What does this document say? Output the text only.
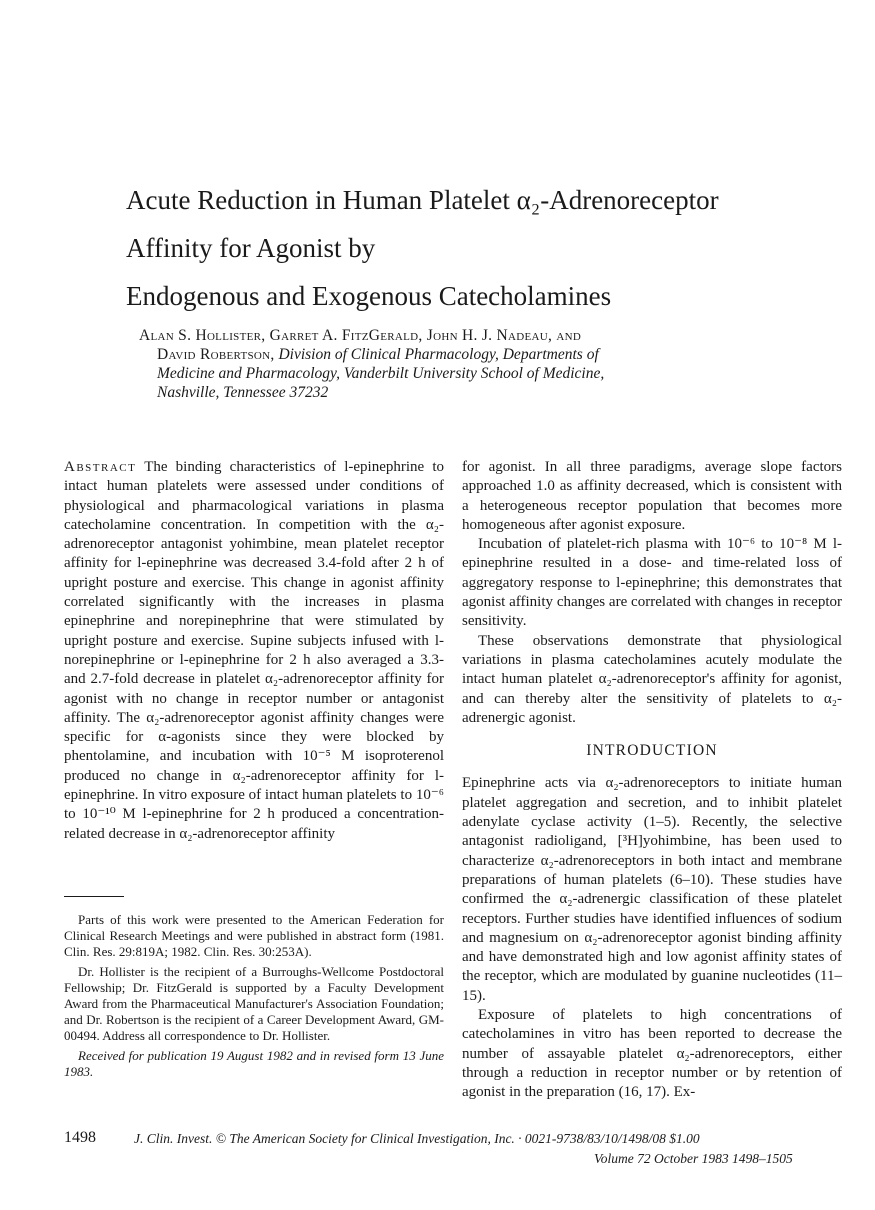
Acute Reduction in Human Platelet α₂-Adrenoreceptor
Affinity for Agonist by
Endogenous and Exogenous Catecholamines
Alan S. Hollister, Garret A. FitzGerald, John H. J. Nadeau, and
David Robertson, Division of Clinical Pharmacology, Departments of
Medicine and Pharmacology, Vanderbilt University School of Medicine,
Nashville, Tennessee 37232

Abstract The binding characteristics of l-epinephrine to intact human platelets were assessed under conditions of physiological and pharmacological variations in plasma catecholamine concentration. In competition with the α₂-adrenoreceptor antagonist yohimbine, mean platelet receptor affinity for l-epinephrine was decreased 3.4-fold after 2 h of upright posture and exercise. This change in agonist affinity correlated significantly with the increases in plasma epinephrine and norepinephrine that were stimulated by upright posture and exercise. Supine subjects infused with l-norepinephrine or l-epinephrine for 2 h also averaged a 3.3- and 2.7-fold decrease in platelet α₂-adrenoreceptor affinity for agonist with no change in receptor number or antagonist affinity. The α₂-adrenoreceptor agonist affinity changes were specific for α-agonists since they were blocked by phentolamine, and incubation with 10⁻⁵ M isoproterenol produced no change in α₂-adrenoreceptor affinity for l-epinephrine. In vitro exposure of intact human platelets to 10⁻⁶ to 10⁻¹⁰ M l-epinephrine for 2 h produced a concentration-related decrease in α₂-adrenoreceptor affinity

Parts of this work were presented to the American Federation for Clinical Research Meetings and were published in abstract form (1981. Clin. Res. 29:819A; 1982. Clin. Res. 30:253A).

Dr. Hollister is the recipient of a Burroughs-Wellcome Postdoctoral Fellowship; Dr. FitzGerald is supported by a Faculty Development Award from the Pharmaceutical Manufacturer's Association Foundation; and Dr. Robertson is the recipient of a Career Development Award, GM-00494. Address all correspondence to Dr. Hollister.

Received for publication 19 August 1982 and in revised form 13 June 1983.

for agonist. In all three paradigms, average slope factors approached 1.0 as affinity decreased, which is consistent with a heterogeneous receptor population that becomes more homogeneous after agonist exposure.

Incubation of platelet-rich plasma with 10⁻⁶ to 10⁻⁸ M l-epinephrine resulted in a dose- and time-related loss of aggregatory response to l-epinephrine; this demonstrates that agonist affinity changes are correlated with changes in receptor sensitivity.

These observations demonstrate that physiological variations in plasma catecholamines acutely modulate the intact human platelet α₂-adrenoreceptor's affinity for agonist, and can thereby alter the sensitivity of platelets to α₂-adrenergic agonist.

INTRODUCTION

Epinephrine acts via α₂-adrenoreceptors to initiate human platelet aggregation and secretion, and to inhibit platelet adenylate cyclase activity (1–5). Recently, the selective antagonist radioligand, [³H]yohimbine, has been used to characterize α₂-adrenoreceptors in both intact and membrane preparations of human platelets (6–10). These studies have confirmed the α₂-adrenergic classification of these platelet receptors. Further studies have identified influences of sodium and magnesium on α₂-adrenoreceptor agonist binding affinity and have demonstrated high and low agonist affinity states of the receptor, which are modulated by guanine nucleotides (11–15).

Exposure of platelets to high concentrations of catecholamines in vitro has been reported to decrease the number of assayable platelet α₂-adrenoreceptors, either through a reduction in receptor number or by retention of agonist in the preparation (16, 17). Ex-

1498	J. Clin. Invest. © The American Society for Clinical Investigation, Inc. · 0021-9738/83/10/1498/08 $1.00
Volume 72 October 1983 1498–1505
